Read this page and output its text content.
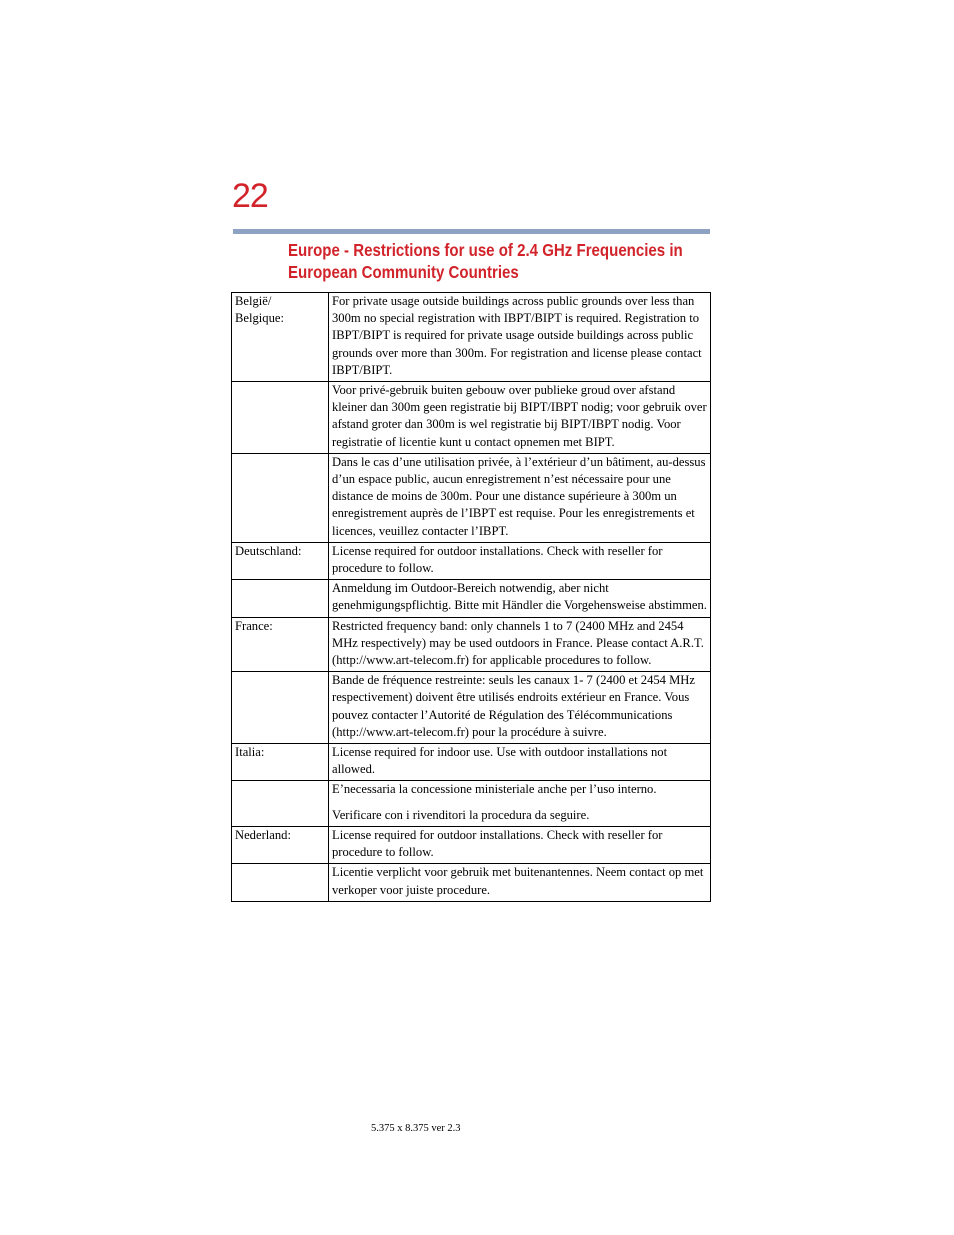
22
Europe - Restrictions for use of 2.4 GHz Frequencies in
European Community Countries
België/
Belgique:	For private usage outside buildings across public grounds over less than 300m no special registration with IBPT/BIPT is required. Registration to IBPT/BIPT is required for private usage outside buildings across public grounds over more than 300m. For registration and license please contact IBPT/BIPT.

	Voor privé-gebruik buiten gebouw over publieke groud over afstand kleiner dan 300m geen registratie bij BIPT/IBPT nodig; voor gebruik over afstand groter dan 300m is wel registratie bij BIPT/IBPT nodig. Voor registratie of licentie kunt u contact opnemen met BIPT.

	Dans le cas d’une utilisation privée, à l’extérieur d’un bâtiment, au-dessus d’un espace public, aucun enregistrement n’est nécessaire pour une distance de moins de 300m. Pour une distance supérieure à 300m un enregistrement auprès de l’IBPT est requise. Pour les enregistrements et licences, veuillez contacter l’IBPT.

Deutschland:	License required for outdoor installations. Check with reseller for procedure to follow.

	Anmeldung im Outdoor-Bereich notwendig, aber nicht genehmigungspflichtig. Bitte mit Händler die Vorgehensweise abstimmen.

France:	Restricted frequency band: only channels 1 to 7 (2400 MHz and 2454 MHz respectively) may be used outdoors in France. Please contact A.R.T. (http://www.art-telecom.fr) for applicable procedures to follow.

	Bande de fréquence restreinte: seuls les canaux 1- 7 (2400 et 2454 MHz respectivement) doivent être utilisés endroits extérieur en France. Vous pouvez contacter l’Autorité de Régulation des Télécommunications (http://www.art-telecom.fr) pour la procédure à suivre.

Italia:	License required for indoor use. Use with outdoor installations not allowed.

	E’necessaria la concessione ministeriale anche per l’uso interno.

Verificare con i rivenditori la procedura da seguire.

Nederland:	License required for outdoor installations. Check with reseller for procedure to follow.

	Licentie verplicht voor gebruik met buitenantennes. Neem contact op met verkoper voor juiste procedure.

5.375 x 8.375 ver 2.3
